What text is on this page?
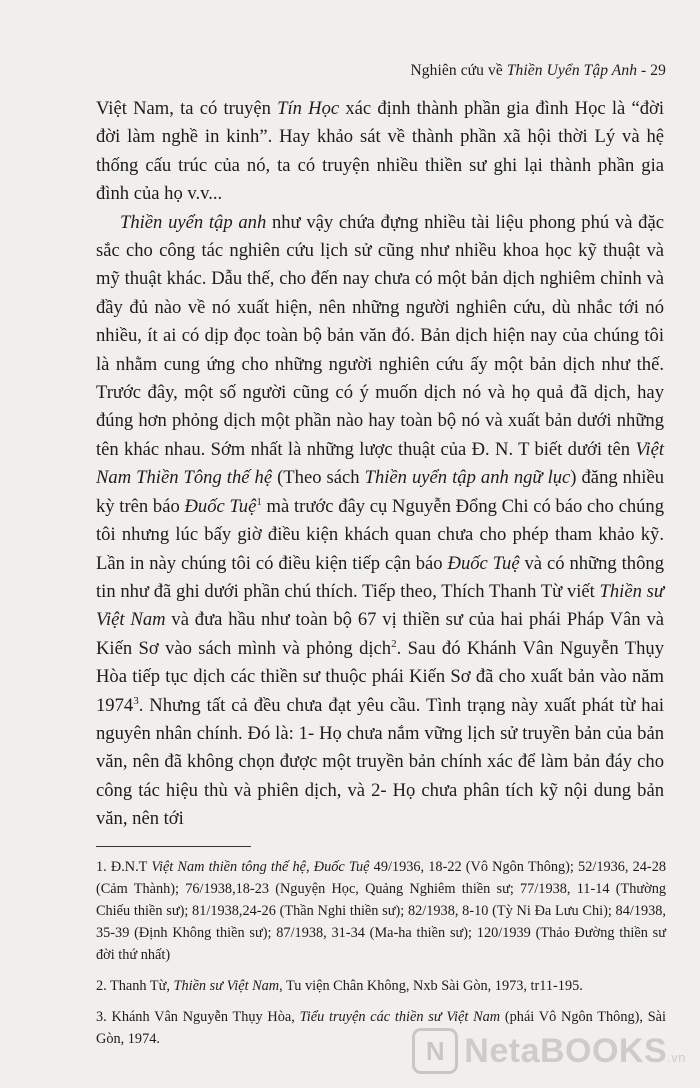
Nghiên cứu về Thiền Uyển Tập Anh - 29

Việt Nam, ta có truyện Tín Học xác định thành phần gia đình Học là “đời đời làm nghề in kinh”. Hay khảo sát về thành phần xã hội thời Lý và hệ thống cấu trúc của nó, ta có truyện nhiều thiền sư ghi lại thành phần gia đình của họ v.v...

Thiền uyển tập anh như vậy chứa đựng nhiều tài liệu phong phú và đặc sắc cho công tác nghiên cứu lịch sử cũng như nhiều khoa học kỹ thuật và mỹ thuật khác. Dẫu thế, cho đến nay chưa có một bản dịch nghiêm chỉnh và đầy đủ nào về nó xuất hiện, nên những người nghiên cứu, dù nhắc tới nó nhiều, ít ai có dịp đọc toàn bộ bản văn đó. Bản dịch hiện nay của chúng tôi là nhằm cung ứng cho những người nghiên cứu ấy một bản dịch như thế. Trước đây, một số người cũng có ý muốn dịch nó và họ quả đã dịch, hay đúng hơn phỏng dịch một phần nào hay toàn bộ nó và xuất bản dưới những tên khác nhau. Sớm nhất là những lược thuật của Đ. N. T biết dưới tên Việt Nam Thiền Tông thế hệ (Theo sách Thiền uyển tập anh ngữ lục) đăng nhiều kỳ trên báo Đuốc Tuệ$^1$ mà trước đây cụ Nguyễn Đổng Chi có báo cho chúng tôi nhưng lúc bấy giờ điều kiện khách quan chưa cho phép tham khảo kỹ. Lần in này chúng tôi có điều kiện tiếp cận báo Đuốc Tuệ và có những thông tin như đã ghi dưới phần chú thích. Tiếp theo, Thích Thanh Từ viết Thiền sư Việt Nam và đưa hầu như toàn bộ 67 vị thiền sư của hai phái Pháp Vân và Kiến Sơ vào sách mình và phỏng dịch$^2$. Sau đó Khánh Vân Nguyễn Thụy Hòa tiếp tục dịch các thiền sư thuộc phái Kiến Sơ đã cho xuất bản vào năm 1974$^3$. Nhưng tất cả đều chưa đạt yêu cầu. Tình trạng này xuất phát từ hai nguyên nhân chính. Đó là: 1- Họ chưa nắm vững lịch sử truyền bản của bản văn, nên đã không chọn được một truyền bản chính xác để làm bản đáy cho công tác hiệu thù và phiên dịch, và 2- Họ chưa phân tích kỹ nội dung bản văn, nên tới

1. Đ.N.T Việt Nam thiền tông thế hệ, Đuốc Tuệ 49/1936, 18-22 (Vô Ngôn Thông); 52/1936, 24-28 (Cảm Thành); 76/1938,18-23 (Nguyện Học, Quảng Nghiêm thiền sư; 77/1938, 11-14 (Thường Chiếu thiền sư); 81/1938,24-26 (Thần Nghi thiền sư); 82/1938, 8-10 (Tỳ Ni Đa Lưu Chi); 84/1938, 35-39 (Định Không thiền sư); 87/1938, 31-34 (Ma-ha thiền sư); 120/1939 (Thảo Đường thiền sư đời thứ nhất)

2. Thanh Từ, Thiền sư Việt Nam, Tu viện Chân Không, Nxb Sài Gòn, 1973, tr11-195.

3. Khánh Vân Nguyễn Thụy Hòa, Tiểu truyện các thiền sư Việt Nam (phái Vô Ngôn Thông), Sài Gòn, 1974.	N NetaBOOKS.vn
